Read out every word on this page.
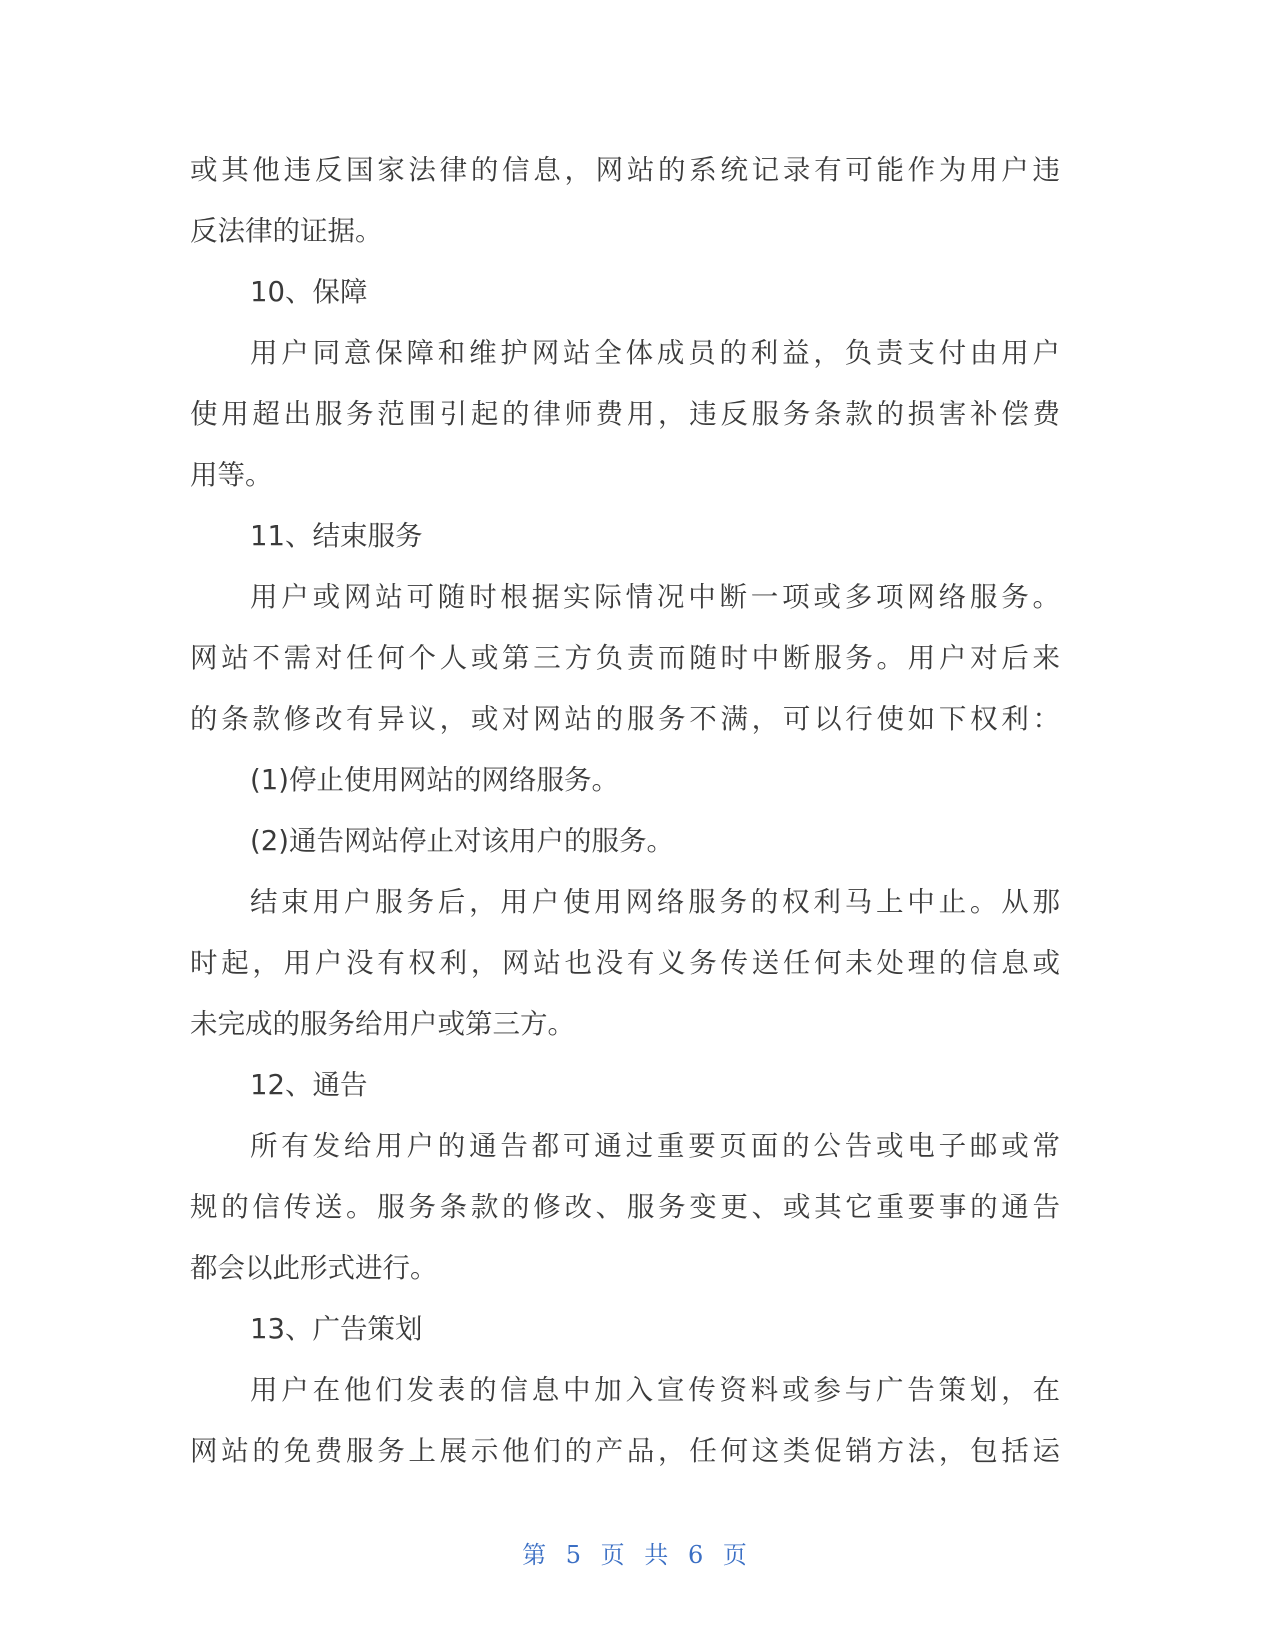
或其他违反国家法律的信息，网站的系统记录有可能作为用户违
反法律的证据。
10、保障
用户同意保障和维护网站全体成员的利益，负责支付由用户
使用超出服务范围引起的律师费用，违反服务条款的损害补偿费
用等。
11、结束服务
用户或网站可随时根据实际情况中断一项或多项网络服务。
网站不需对任何个人或第三方负责而随时中断服务。用户对后来
的条款修改有异议，或对网站的服务不满，可以行使如下权利：
(1)停止使用网站的网络服务。
(2)通告网站停止对该用户的服务。
结束用户服务后，用户使用网络服务的权利马上中止。从那
时起，用户没有权利，网站也没有义务传送任何未处理的信息或
未完成的服务给用户或第三方。
12、通告
所有发给用户的通告都可通过重要页面的公告或电子邮或常
规的信传送。服务条款的修改、服务变更、或其它重要事的通告
都会以此形式进行。
13、广告策划
用户在他们发表的信息中加入宣传资料或参与广告策划，在
网站的免费服务上展示他们的产品，任何这类促销方法，包括运
第 5 页 共 6 页
